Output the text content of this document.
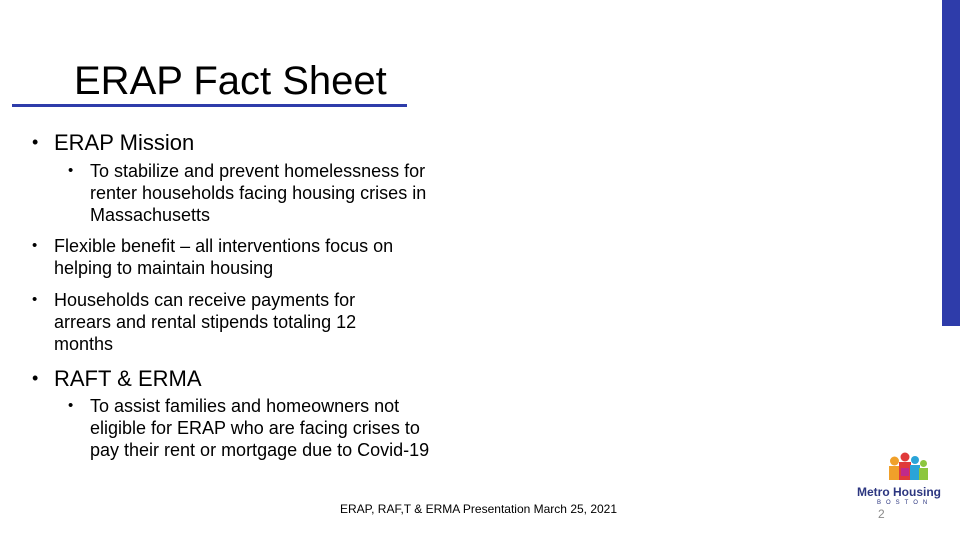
ERAP Fact Sheet
• ERAP Mission
• To stabilize and prevent homelessness for renter households facing housing crises in Massachusetts
• Flexible benefit – all interventions focus on helping to maintain housing
• Households can receive payments for arrears and rental stipends totaling 12 months
• RAFT & ERMA
• To assist families and homeowners not eligible for ERAP who are facing crises to pay their rent or mortgage due to Covid-19
ERAP, RAF,T & ERMA Presentation March 25, 2021
Metro Housing
BOSTON
2
